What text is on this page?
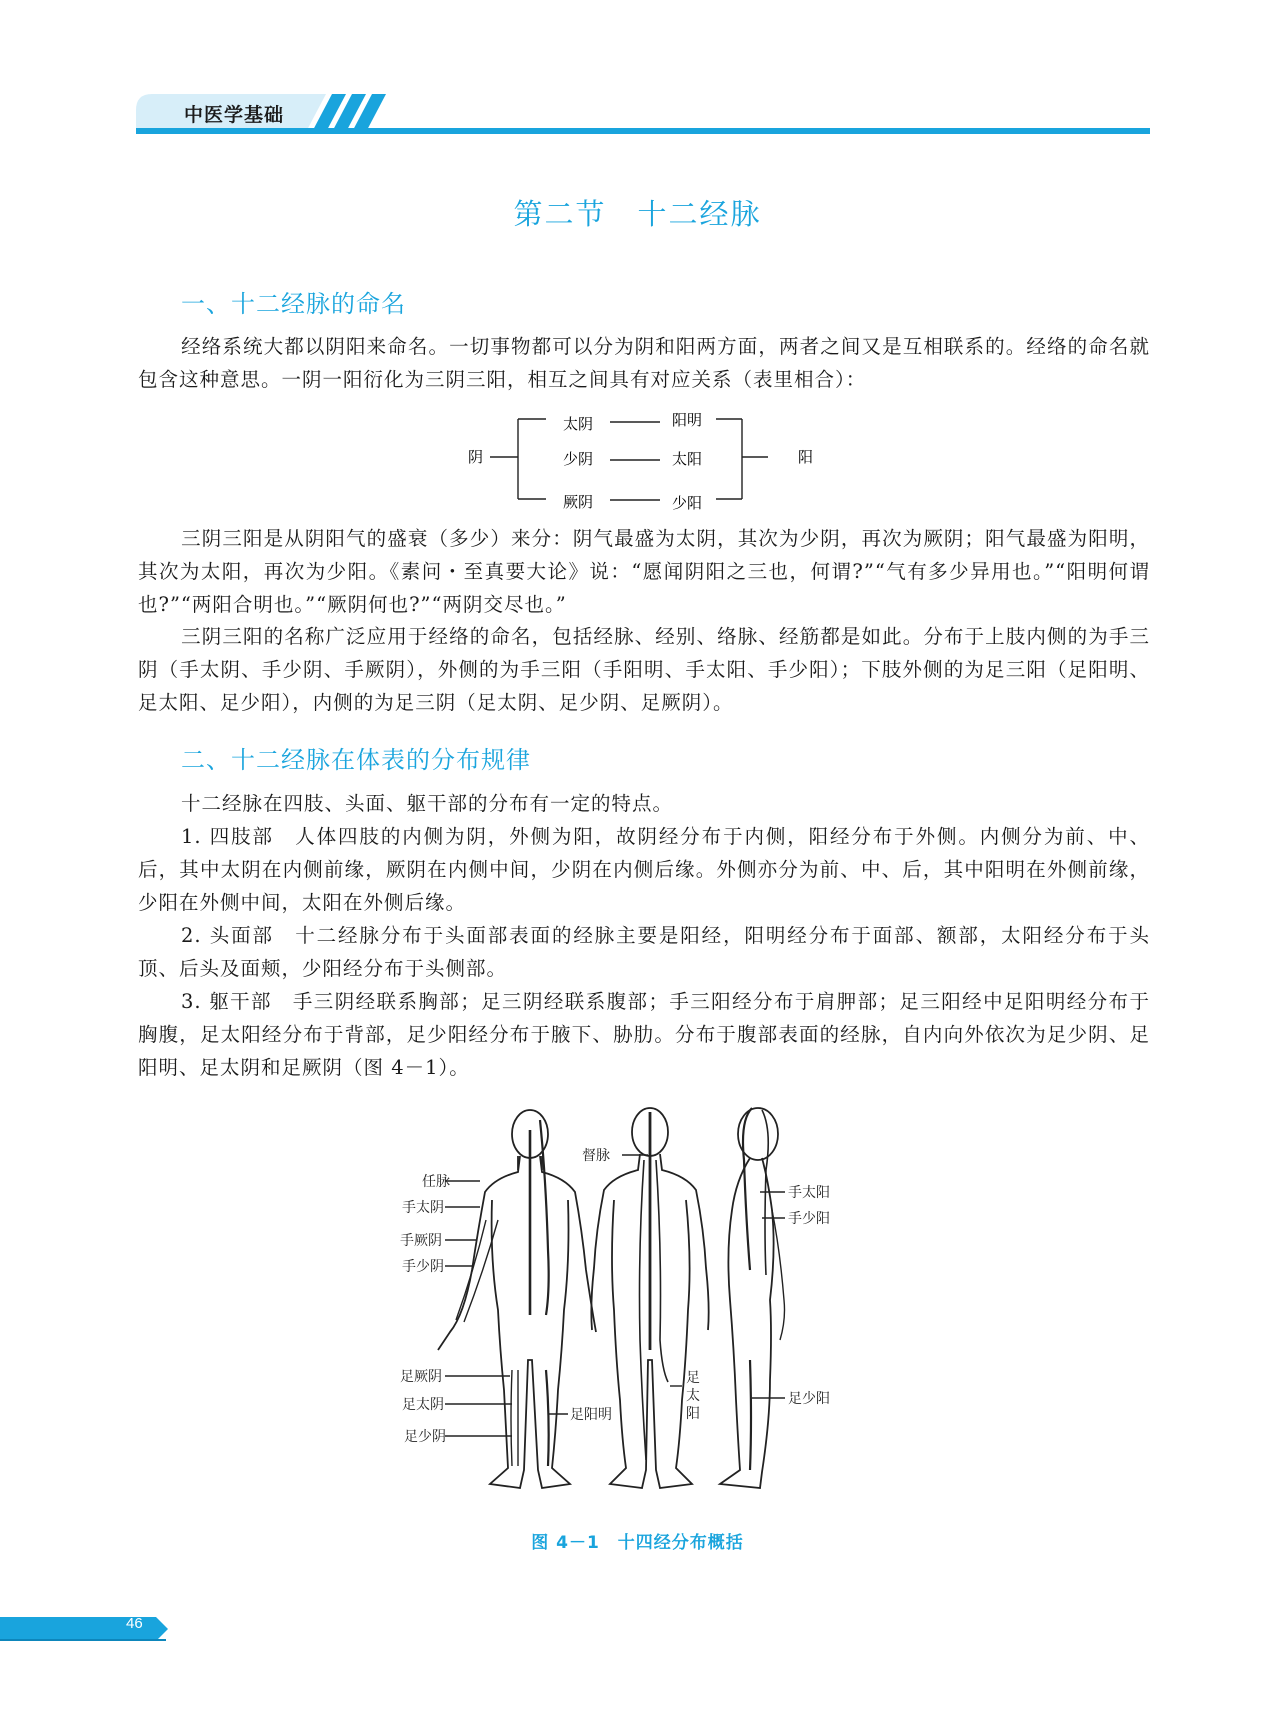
中医学基础
第二节　十二经脉
一、十二经脉的命名

经络系统大都以阴阳来命名。一切事物都可以分为阴和阳两方面，两者之间又是互相联系的。经络的命名就包含这种意思。一阴一阳衍化为三阴三阳，相互之间具有对应关系（表里相合）：

阴
太阴
少阴
厥阴
阳明
太阳
少阳
阳

三阴三阳是从阴阳气的盛衰（多少）来分：阴气最盛为太阴，其次为少阴，再次为厥阴；阳气最盛为阳明，其次为太阳，再次为少阳。《素问・至真要大论》说：“愿闻阴阳之三也，何谓?”“气有多少异用也。”“阳明何谓也?”“两阳合明也。”“厥阴何也?”“两阴交尽也。”

三阴三阳的名称广泛应用于经络的命名，包括经脉、经别、络脉、经筋都是如此。分布于上肢内侧的为手三阴（手太阴、手少阴、手厥阴），外侧的为手三阳（手阳明、手太阳、手少阳）；下肢外侧的为足三阳（足阳明、足太阳、足少阳），内侧的为足三阴（足太阴、足少阴、足厥阴）。

二、十二经脉在体表的分布规律

十二经脉在四肢、头面、躯干部的分布有一定的特点。

1. 四肢部　 人体四肢的内侧为阴，外侧为阳，故阴经分布于内侧，阳经分布于外侧。内侧分为前、中、后，其中太阴在内侧前缘，厥阴在内侧中间，少阴在内侧后缘。外侧亦分为前、中、后，其中阳明在外侧前缘，少阳在外侧中间，太阳在外侧后缘。

2. 头面部　 十二经脉分布于头面部表面的经脉主要是阳经，阳明经分布于面部、额部，太阳经分布于头顶、后头及面颊，少阳经分布于头侧部。

3. 躯干部　 手三阴经联系胸部；足三阴经联系腹部；手三阳经分布于肩胛部；足三阳经中足阳明经分布于胸腹，足太阳经分布于背部，足少阳经分布于腋下、胁肋。分布于腹部表面的经脉，自内向外依次为足少阴、足阳明、足太阴和足厥阴（图 4－1）。

任脉
手太阴
手厥阴
手少阴
足厥阴
足太阴
足少阴
足阳明
督脉
足
太
阳
手太阳
手少阳
足少阳
图 4－1　十四经分布概括
46
